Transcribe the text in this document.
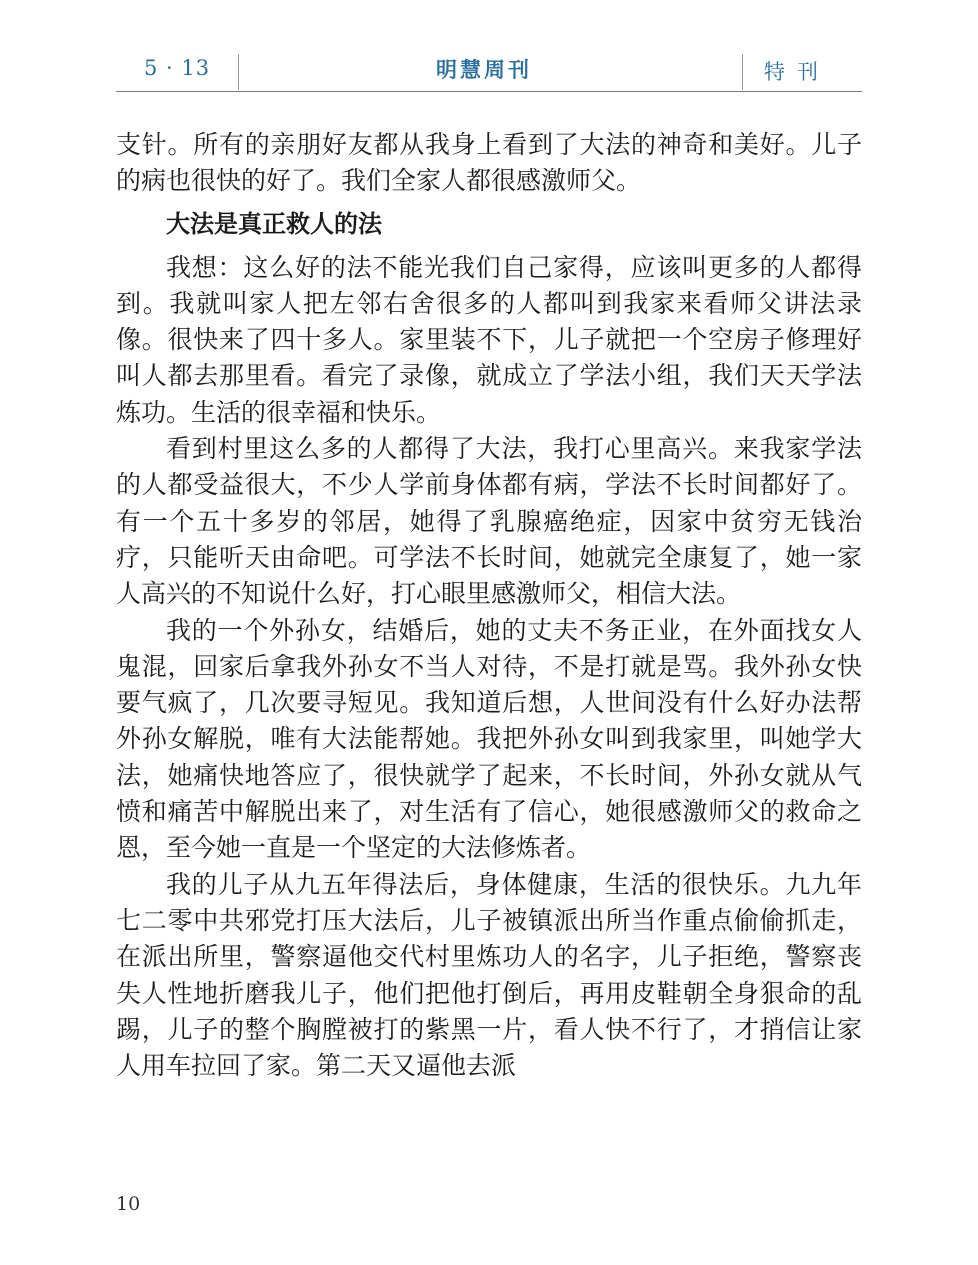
5 · 13	明慧周刊	特刊

支针。所有的亲朋好友都从我身上看到了大法的神奇和美好。儿子的病也很快的好了。我们全家人都很感激师父。

大法是真正救人的法

我想：这么好的法不能光我们自己家得，应该叫更多的人都得到。我就叫家人把左邻右舍很多的人都叫到我家来看师父讲法录像。很快来了四十多人。家里装不下，儿子就把一个空房子修理好叫人都去那里看。看完了录像，就成立了学法小组，我们天天学法炼功。生活的很幸福和快乐。

看到村里这么多的人都得了大法，我打心里高兴。来我家学法的人都受益很大，不少人学前身体都有病，学法不长时间都好了。有一个五十多岁的邻居，她得了乳腺癌绝症，因家中贫穷无钱治疗，只能听天由命吧。可学法不长时间，她就完全康复了，她一家人高兴的不知说什么好，打心眼里感激师父，相信大法。

我的一个外孙女，结婚后，她的丈夫不务正业，在外面找女人鬼混，回家后拿我外孙女不当人对待，不是打就是骂。我外孙女快要气疯了，几次要寻短见。我知道后想，人世间没有什么好办法帮外孙女解脱，唯有大法能帮她。我把外孙女叫到我家里，叫她学大法，她痛快地答应了，很快就学了起来，不长时间，外孙女就从气愤和痛苦中解脱出来了，对生活有了信心，她很感激师父的救命之恩，至今她一直是一个坚定的大法修炼者。

我的儿子从九五年得法后，身体健康，生活的很快乐。九九年七二零中共邪党打压大法后，儿子被镇派出所当作重点偷偷抓走，在派出所里，警察逼他交代村里炼功人的名字，儿子拒绝，警察丧失人性地折磨我儿子，他们把他打倒后，再用皮鞋朝全身狠命的乱踢，儿子的整个胸膛被打的紫黑一片，看人快不行了，才捎信让家人用车拉回了家。第二天又逼他去派

10
